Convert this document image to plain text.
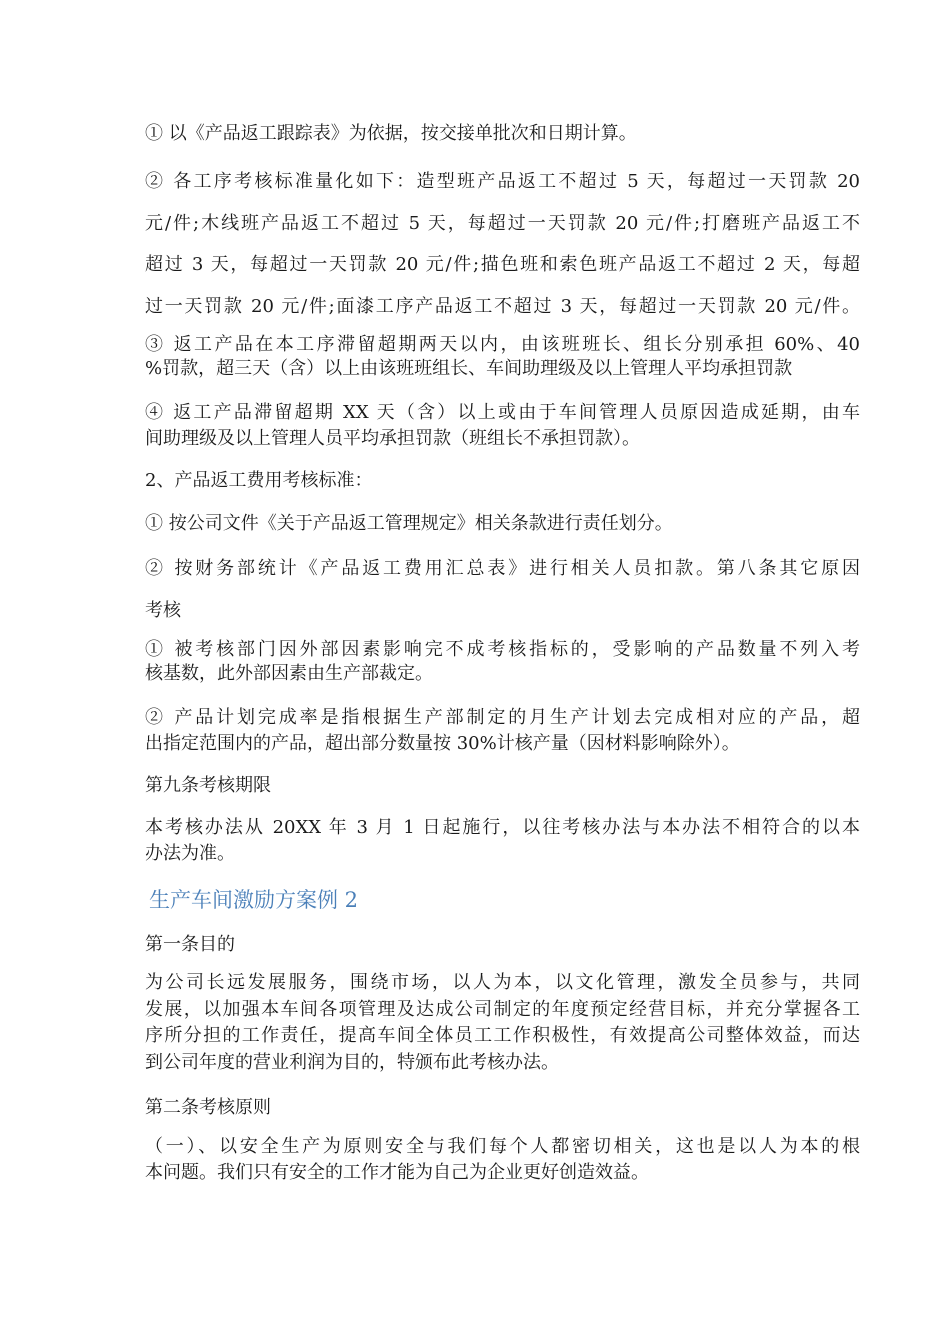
① 以《产品返工跟踪表》为依据，按交接单批次和日期计算。
② 各工序考核标准量化如下：造型班产品返工不超过 5 天，每超过一天罚款 20
元/件;木线班产品返工不超过 5 天，每超过一天罚款 20 元/件;打磨班产品返工不
超过 3 天，每超过一天罚款 20 元/件;描色班和索色班产品返工不超过 2 天，每超
过一天罚款 20 元/件;面漆工序产品返工不超过 3 天，每超过一天罚款 20 元/件。
③ 返工产品在本工序滞留超期两天以内，由该班班长、组长分别承担 60%、40
%罚款，超三天（含）以上由该班班组长、车间助理级及以上管理人平均承担罚款
④ 返工产品滞留超期 XX 天（含）以上或由于车间管理人员原因造成延期，由车
间助理级及以上管理人员平均承担罚款（班组长不承担罚款）。
2、产品返工费用考核标准：
① 按公司文件《关于产品返工管理规定》相关条款进行责任划分。
② 按财务部统计《产品返工费用汇总表》进行相关人员扣款。第八条其它原因
考核
① 被考核部门因外部因素影响完不成考核指标的，受影响的产品数量不列入考
核基数，此外部因素由生产部裁定。
② 产品计划完成率是指根据生产部制定的月生产计划去完成相对应的产品，超
出指定范围内的产品，超出部分数量按 30%计核产量（因材料影响除外）。
第九条考核期限
本考核办法从 20XX 年 3 月 1 日起施行，以往考核办法与本办法不相符合的以本
办法为准。
生产车间激励方案例 2
第一条目的
为公司长远发展服务，围绕市场，以人为本，以文化管理，激发全员参与，共同
发展，以加强本车间各项管理及达成公司制定的年度预定经营目标，并充分掌握各工
序所分担的工作责任，提高车间全体员工工作积极性，有效提高公司整体效益，而达
到公司年度的营业利润为目的，特颁布此考核办法。
第二条考核原则
（一）、以安全生产为原则安全与我们每个人都密切相关，这也是以人为本的根
本问题。我们只有安全的工作才能为自己为企业更好创造效益。
